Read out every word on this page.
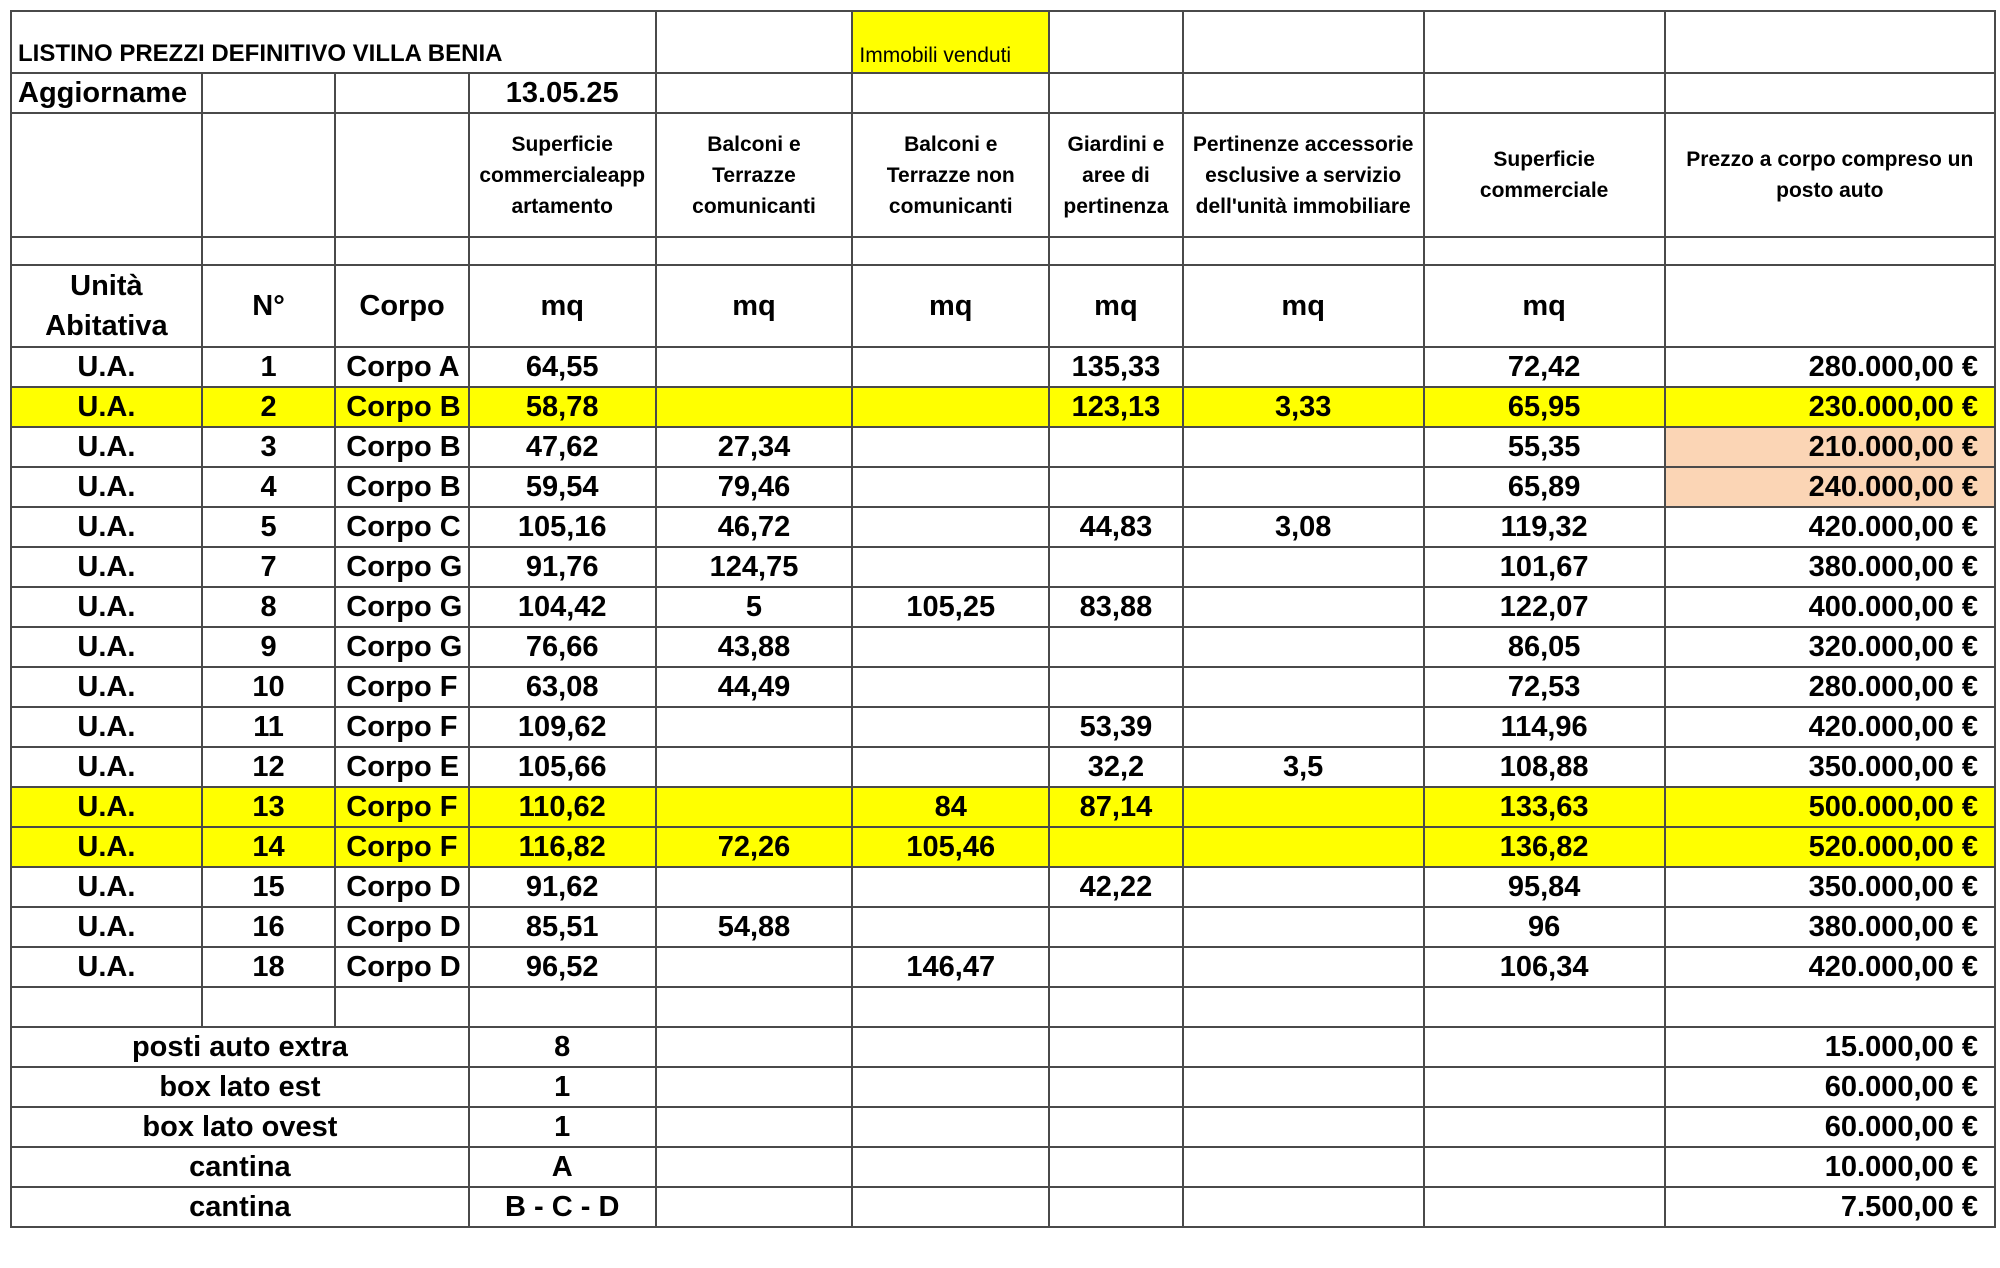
LISTINO PREZZI DEFINITIVO VILLA BENIA					Immobili venduti				
Aggiorname			13.05.25						
			Superficie commercialeapp artamento	Balconi e Terrazze comunicanti	Balconi e Terrazze non comunicanti	Giardini e aree di pertinenza	Pertinenze accessorie esclusive a servizio dell'unità immobiliare	Superficie commerciale	Prezzo a corpo compreso un posto auto

Unità Abitativa	N°	Corpo	mq	mq	mq	mq	mq	mq	
U.A.	1	Corpo A	64,55			135,33		72,42	280.000,00 €
U.A.	2	Corpo B	58,78			123,13	3,33	65,95	230.000,00 €
U.A.	3	Corpo B	47,62	27,34				55,35	210.000,00 €
U.A.	4	Corpo B	59,54	79,46				65,89	240.000,00 €
U.A.	5	Corpo C	105,16	46,72		44,83	3,08	119,32	420.000,00 €
U.A.	7	Corpo G	91,76	124,75				101,67	380.000,00 €
U.A.	8	Corpo G	104,42	5	105,25	83,88		122,07	400.000,00 €
U.A.	9	Corpo G	76,66	43,88				86,05	320.000,00 €
U.A.	10	Corpo F	63,08	44,49				72,53	280.000,00 €
U.A.	11	Corpo F	109,62			53,39		114,96	420.000,00 €
U.A.	12	Corpo E	105,66			32,2	3,5	108,88	350.000,00 €
U.A.	13	Corpo F	110,62		84	87,14		133,63	500.000,00 €
U.A.	14	Corpo F	116,82	72,26	105,46			136,82	520.000,00 €
U.A.	15	Corpo D	91,62			42,22		95,84	350.000,00 €
U.A.	16	Corpo D	85,51	54,88				96	380.000,00 €
U.A.	18	Corpo D	96,52		146,47			106,34	420.000,00 €

posti auto extra			8						15.000,00 €
box lato est			1						60.000,00 €
box lato ovest			1						60.000,00 €
cantina			A						10.000,00 €
cantina			B - C - D						7.500,00 €
